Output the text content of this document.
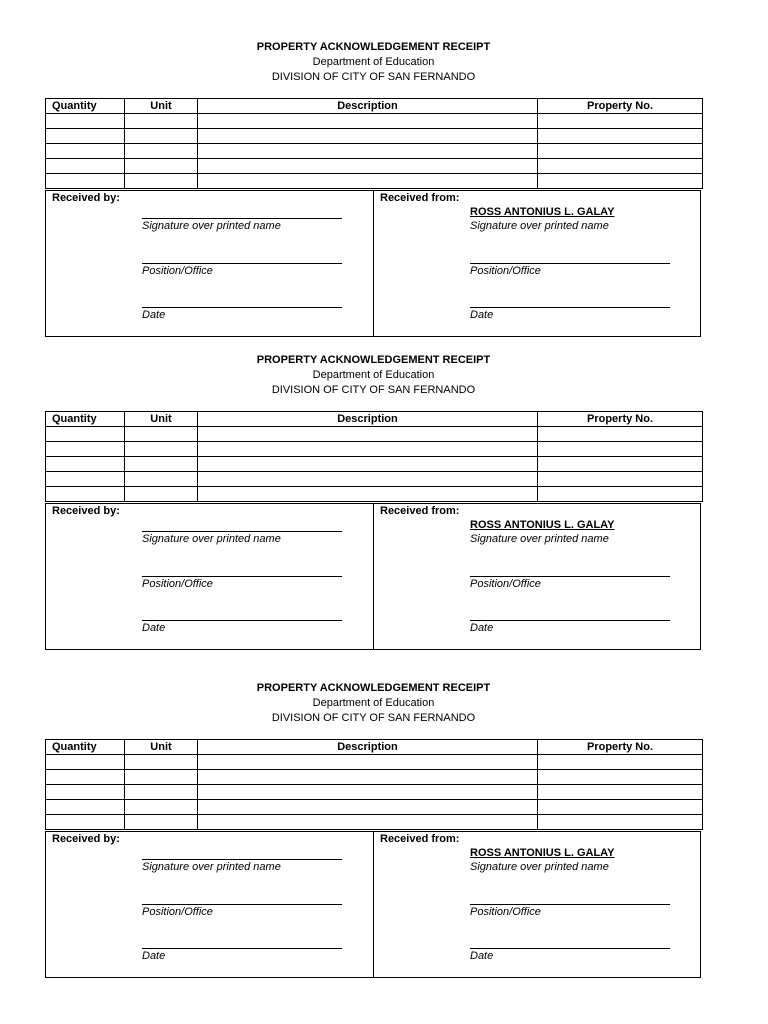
PROPERTY ACKNOWLEDGEMENT RECEIPT
Department of Education
DIVISION OF CITY OF SAN FERNANDO
Quantity	Unit	Description	Property No.

Received by:
Signature over printed name
Position/Office
Date
Received from:
ROSS ANTONIUS L. GALAY
Signature over printed name
Position/Office
Date
PROPERTY ACKNOWLEDGEMENT RECEIPT
Department of Education
DIVISION OF CITY OF SAN FERNANDO
Quantity	Unit	Description	Property No.

Received by:
Signature over printed name
Position/Office
Date
Received from:
ROSS ANTONIUS L. GALAY
Signature over printed name
Position/Office
Date
PROPERTY ACKNOWLEDGEMENT RECEIPT
Department of Education
DIVISION OF CITY OF SAN FERNANDO
Quantity	Unit	Description	Property No.

Received by:
Signature over printed name
Position/Office
Date
Received from:
ROSS ANTONIUS L. GALAY
Signature over printed name
Position/Office
Date
